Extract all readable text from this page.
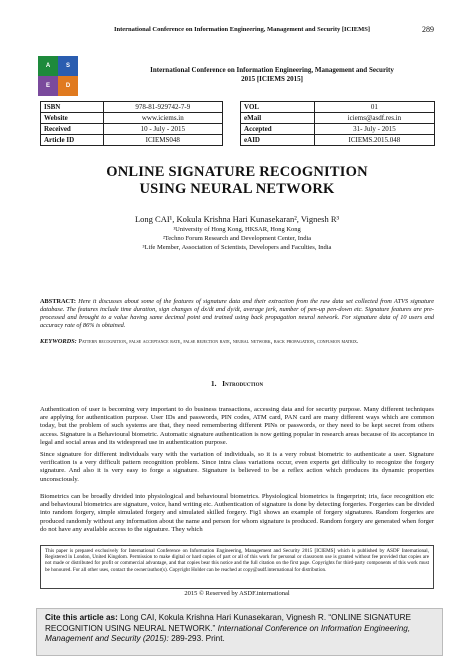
International Conference on Information Engineering, Management and Security [ICIEMS]	289
A	S
E	D
International Conference on Information Engineering, Management and Security
2015 [ICIEMS 2015]
ISBN	978-81-929742-7-9		VOL	01
Website	www.iciems.in		eMail	iciems@asdf.res.in
Received	10 - July - 2015		Accepted	31- July - 2015
Article ID	ICIEMS048		eAID	ICIEMS.2015.048
ONLINE SIGNATURE RECOGNITION
USING NEURAL NETWORK
Long CAI¹, Kokula Krishna Hari Kunasekaran², Vignesh R³
¹University of Hong Kong, HKSAR, Hong Kong
²Techno Forum Research and Development Center, India
³Life Member, Association of Scientists, Developers and Faculties, India
ABSTRACT: Here it discusses about some of the features of signature data and their extraction from the raw data set collected from ATVS signature database. The features include time duration, sign changes of dx/dt and dy/dt, average jerk, number of pen-up pen-down etc. Signature features are pre-processed and brought to a value having same decimal point and trained using back propagation neural network. For signature data of 10 users and accuracy rate of 86% is obtained.
KEYWORDS: Pattern recognition, false acceptance rate, false rejection rate, neural network, back propagation, confusion matrix.
1. Introduction

Authentication of user is becoming very important to do business transactions, accessing data and for security purpose. Many different techniques are applying for authentication purpose. User IDs and passwords, PIN codes, ATM card, PAN card are many different ways which are common today, but the problem of such systems are that, they need remembering different PINs or passwords, or they need to be kept secret from others access. Signature is a Behavioural biometric. Automatic signature authentication is now getting popular in research areas because of its acceptance in legal and social areas and its widespread use in authentication purpose.

Since signature for different individuals vary with the variation of individuals, so it is a very robust biometric to authenticate a user. Signature verification is a very difficult pattern recognition problem. Since intra class variations occur, even experts get difficulty to recognize the forgery signature. And also it is very easy to forge a signature. Signature is believed to be a reflex action which produces its dynamic properties unconsciously.

Biometrics can be broadly divided into physiological and behavioural biometrics. Physiological biometrics is fingerprint; iris, face recognition etc and behavioural biometrics are signature, voice, hand writing etc. Authentication of signature is done by detecting forgeries. Forgeries can be divided into random forgery, simple simulated forgery and simulated skilled forgery. Fig1 shows an example of forgery signatures. Random forgeries are produced randomly without any information about the name and person for whom signature is produced. Random forgery are generated when forger do not have any available access to the signature. They which

This paper is prepared exclusively for International Conference on Information Engineering, Management and Security 2015 [ICIEMS] which is published by ASDF International, Registered in London, United Kingdom. Permission to make digital or hard copies of part or all of this work for personal or classroom use is granted without fee provided that copies are not made or distributed for profit or commercial advantage, and that copies bear this notice and the full citation on the first page. Copyrights for third-party components of this work must be honoured. For all other uses, contact the owner/author(s). Copyright Holder can be reached at copy@asdf.international for distribution.
2015 © Reserved by ASDF.international
Cite this article as: Long CAI, Kokula Krishna Hari Kunasekaran, Vignesh R. “ONLINE SIGNATURE RECOGNITION USING NEURAL NETWORK.” International Conference on Information Engineering, Management and Security (2015): 289-293. Print.
